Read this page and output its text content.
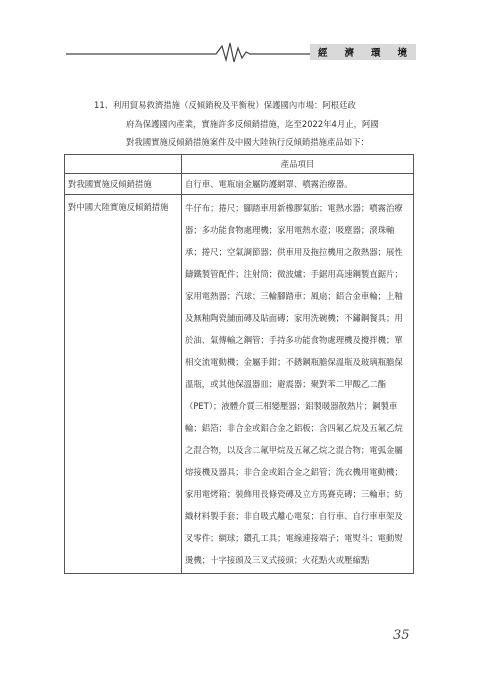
經 濟 環 境
11、利用貿易救濟措施（反傾銷稅及平衡稅）保護國內市場：阿根廷政
府為保護國內產業，實施許多反傾銷措施，迄至2022年4月止，阿國
對我國實施反傾銷措施案件及中國大陸執行反傾銷措施產品如下：
	產品項目
對我國實施反傾銷措施	自行車、電瓶扇金屬防護網罩、噴霧治療器。
對中國大陸實施反傾銷措施	牛仔布；捲尺；腳踏車用新橡膠氣胎；電熱水器；噴霧治療器；多功能食物處理機；家用電熱水壺；吸塵器；滾珠軸承；捲尺；空氣調節器；供車用及拖拉機用之散熱器；展性鑄鐵製管配件；注射筒；微波爐；手鋸用高速鋼製直鋸片；家用電熱器；汽球；三輪腳踏車；風扇；鋁合金車輪；上釉及無釉陶瓷舖面磚及貼面磚；家用洗碗機；不鏽鋼餐具；用於油、氣傳輸之鋼管；手持多功能食物處理機及攪拌機；單相交流電動機；金屬手鉗；不銹鋼瓶膽保溫瓶及玻璃瓶膽保溫瓶，或其他保溫器皿；避震器；聚對苯二甲酸乙二酯（PET）；液體介質三相變壓器；鋁製暖器散熱片；鋼製車輪；鋁箔；非合金或鋁合金之鋁板；含四氟乙烷及五氟乙烷之混合物，以及含二氟甲烷及五氟乙烷之混合物；電弧金屬熔接機及器具；非合金或鋁合金之鋁管；洗衣機用電動機；家用電烤箱；裝飾用長條瓷磚及立方馬賽克磚；三輪車；紡織材料製手套；非自吸式離心電泵；自行車、自行車車架及叉零件；網球；鑽孔工具；電線連接端子；電熨斗；電動熨燙機；十字接頭及三叉式接頭；火花點火或壓縮點
35
